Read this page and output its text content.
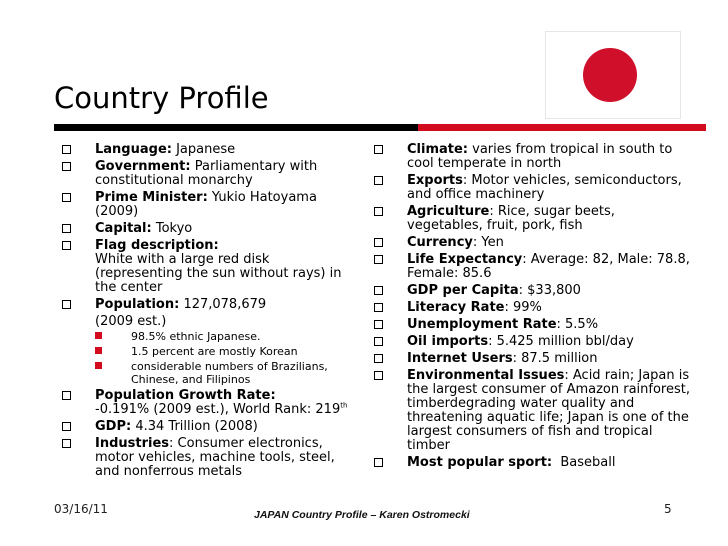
Country Profile
Language: Japanese
Government: Parliamentary with constitutional monarchy
Prime Minister: Yukio Hatoyama (2009)
Capital: Tokyo
Flag description:
White with a large red disk (representing the sun without rays) in the center
Population: 127,078,679
(2009 est.)
98.5% ethnic Japanese.
1.5 percent are mostly Korean
considerable numbers of Brazilians, Chinese, and Filipinos
Population Growth Rate:
-0.191% (2009 est.), World Rank: 219th
GDP: 4.34 Trillion (2008)
Industries: Consumer electronics, motor vehicles, machine tools, steel, and nonferrous metals
Climate: varies from tropical in south to cool temperate in north
Exports: Motor vehicles, semiconductors, and office machinery
Agriculture: Rice, sugar beets, vegetables, fruit, pork, fish
Currency: Yen
Life Expectancy: Average: 82, Male: 78.8, Female: 85.6
GDP per Capita: $33,800
Literacy Rate: 99%
Unemployment Rate: 5.5%
Oil imports: 5.425 million bbl/day
Internet Users: 87.5 million
Environmental Issues: Acid rain; Japan is the largest consumer of Amazon rainforest, timberdegrading water quality and threatening aquatic life; Japan is one of the largest consumers of fish and tropical timber
Most popular sport:  Baseball
03/16/11	JAPAN Country Profile – Karen Ostromecki	5
